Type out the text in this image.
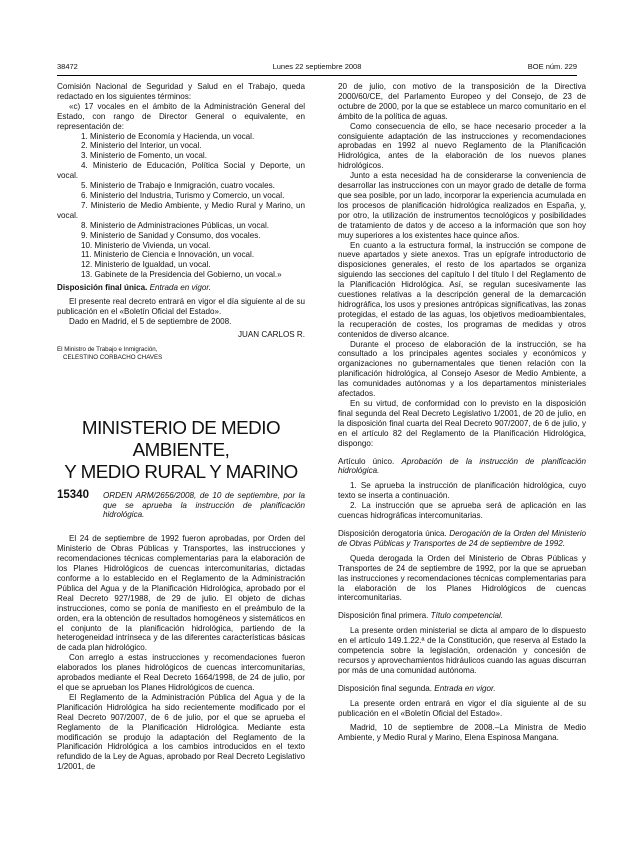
38472	Lunes 22 septiembre 2008	BOE núm. 229

Comisión Nacional de Seguridad y Salud en el Trabajo, queda redactado en los siguientes términos:

«c) 17 vocales en el ámbito de la Administración General del Estado, con rango de Director General o equivalente, en representación de:

1. Ministerio de Economía y Hacienda, un vocal.
2. Ministerio del Interior, un vocal.
3. Ministerio de Fomento, un vocal.
4. Ministerio de Educación, Política Social y Deporte, un vocal.
5. Ministerio de Trabajo e Inmigración, cuatro vocales.
6. Ministerio del Industria, Turismo y Comercio, un vocal.
7. Ministerio de Medio Ambiente, y Medio Rural y Marino, un vocal.
8. Ministerio de Administraciones Públicas, un vocal.
9. Ministerio de Sanidad y Consumo, dos vocales.
10. Ministerio de Vivienda, un vocal.
11. Ministerio de Ciencia e Innovación, un vocal.
12. Ministerio de Igualdad, un vocal.
13. Gabinete de la Presidencia del Gobierno, un vocal.»

Disposición final única. Entrada en vigor.

El presente real decreto entrará en vigor el día siguiente al de su publicación en el «Boletín Oficial del Estado».

Dado en Madrid, el 5 de septiembre de 2008.

JUAN CARLOS R.

El Ministro de Trabajo e Inmigración,

CELESTINO CORBACHO CHAVES

MINISTERIO DE MEDIO AMBIENTE,
Y MEDIO RURAL Y MARINO
15340	ORDEN ARM/2656/2008, de 10 de septiembre, por la que se aprueba la instrucción de planificación hidrológica.

El 24 de septiembre de 1992 fueron aprobadas, por Orden del Ministerio de Obras Públicas y Transportes, las instrucciones y recomendaciones técnicas complementarias para la elaboración de los Planes Hidrológicos de cuencas intercomunitarias, dictadas conforme a lo establecido en el Reglamento de la Administración Pública del Agua y de la Planificación Hidrológica, aprobado por el Real Decreto 927/1988, de 29 de julio. El objeto de dichas instrucciones, como se ponía de manifiesto en el preámbulo de la orden, era la obtención de resultados homogéneos y sistemáticos en el conjunto de la planificación hidrológica, partiendo de la heterogeneidad intrínseca y de las diferentes características básicas de cada plan hidrológico.

Con arreglo a estas instrucciones y recomendaciones fueron elaborados los planes hidrológicos de cuencas intercomunitarias, aprobados mediante el Real Decreto 1664/1998, de 24 de julio, por el que se aprueban los Planes Hidrológicos de cuenca.

El Reglamento de la Administración Pública del Agua y de la Planificación Hidrológica ha sido recientemente modificado por el Real Decreto 907/2007, de 6 de julio, por el que se aprueba el Reglamento de la Planificación Hidrológica. Mediante esta modificación se produjo la adaptación del Reglamento de la Planificación Hidrológica a los cambios introducidos en el texto refundido de la Ley de Aguas, aprobado por Real Decreto Legislativo 1/2001, de

20 de julio, con motivo de la transposición de la Directiva 2000/60/CE, del Parlamento Europeo y del Consejo, de 23 de octubre de 2000, por la que se establece un marco comunitario en el ámbito de la política de aguas.

Como consecuencia de ello, se hace necesario proceder a la consiguiente adaptación de las instrucciones y recomendaciones aprobadas en 1992 al nuevo Reglamento de la Planificación Hidrológica, antes de la elaboración de los nuevos planes hidrológicos.

Junto a esta necesidad ha de considerarse la conveniencia de desarrollar las instrucciones con un mayor grado de detalle de forma que sea posible, por un lado, incorporar la experiencia acumulada en los procesos de planificación hidrológica realizados en España, y, por otro, la utilización de instrumentos tecnológicos y posibilidades de tratamiento de datos y de acceso a la información que son hoy muy superiores a los existentes hace quince años.

En cuanto a la estructura formal, la instrucción se compone de nueve apartados y siete anexos. Tras un epígrafe introductorio de disposiciones generales, el resto de los apartados se organiza siguiendo las secciones del capítulo I del título I del Reglamento de la Planificación Hidrológica. Así, se regulan sucesivamente las cuestiones relativas a la descripción general de la demarcación hidrográfica, los usos y presiones antrópicas significativas, las zonas protegidas, el estado de las aguas, los objetivos medioambientales, la recuperación de costes, los programas de medidas y otros contenidos de diverso alcance.

Durante el proceso de elaboración de la instrucción, se ha consultado a los principales agentes sociales y económicos y organizaciones no gubernamentales que tienen relación con la planificación hidrológica, al Consejo Asesor de Medio Ambiente, a las comunidades autónomas y a los departamentos ministeriales afectados.

En su virtud, de conformidad con lo previsto en la disposición final segunda del Real Decreto Legislativo 1/2001, de 20 de julio, en la disposición final cuarta del Real Decreto 907/2007, de 6 de julio, y en el artículo 82 del Reglamento de la Planificación Hidrológica, dispongo:

Artículo único. Aprobación de la instrucción de planificación hidrológica.

1. Se aprueba la instrucción de planificación hidrológica, cuyo texto se inserta a continuación.

2. La instrucción que se aprueba será de aplicación en las cuencas hidrográficas intercomunitarias.

Disposición derogatoria única. Derogación de la Orden del Ministerio de Obras Públicas y Transportes de 24 de septiembre de 1992.

Queda derogada la Orden del Ministerio de Obras Públicas y Transportes de 24 de septiembre de 1992, por la que se aprueban las instrucciones y recomendaciones técnicas complementarias para la elaboración de los Planes Hidrológicos de cuencas intercomunitarias.

Disposición final primera. Título competencial.

La presente orden ministerial se dicta al amparo de lo dispuesto en el artículo 149.1.22.ª de la Constitución, que reserva al Estado la competencia sobre la legislación, ordenación y concesión de recursos y aprovechamientos hidráulicos cuando las aguas discurran por más de una comunidad autónoma.

Disposición final segunda. Entrada en vigor.

La presente orden entrará en vigor el día siguiente al de su publicación en el «Boletín Oficial del Estado».

Madrid, 10 de septiembre de 2008.–La Ministra de Medio Ambiente, y Medio Rural y Marino, Elena Espinosa Mangana.
